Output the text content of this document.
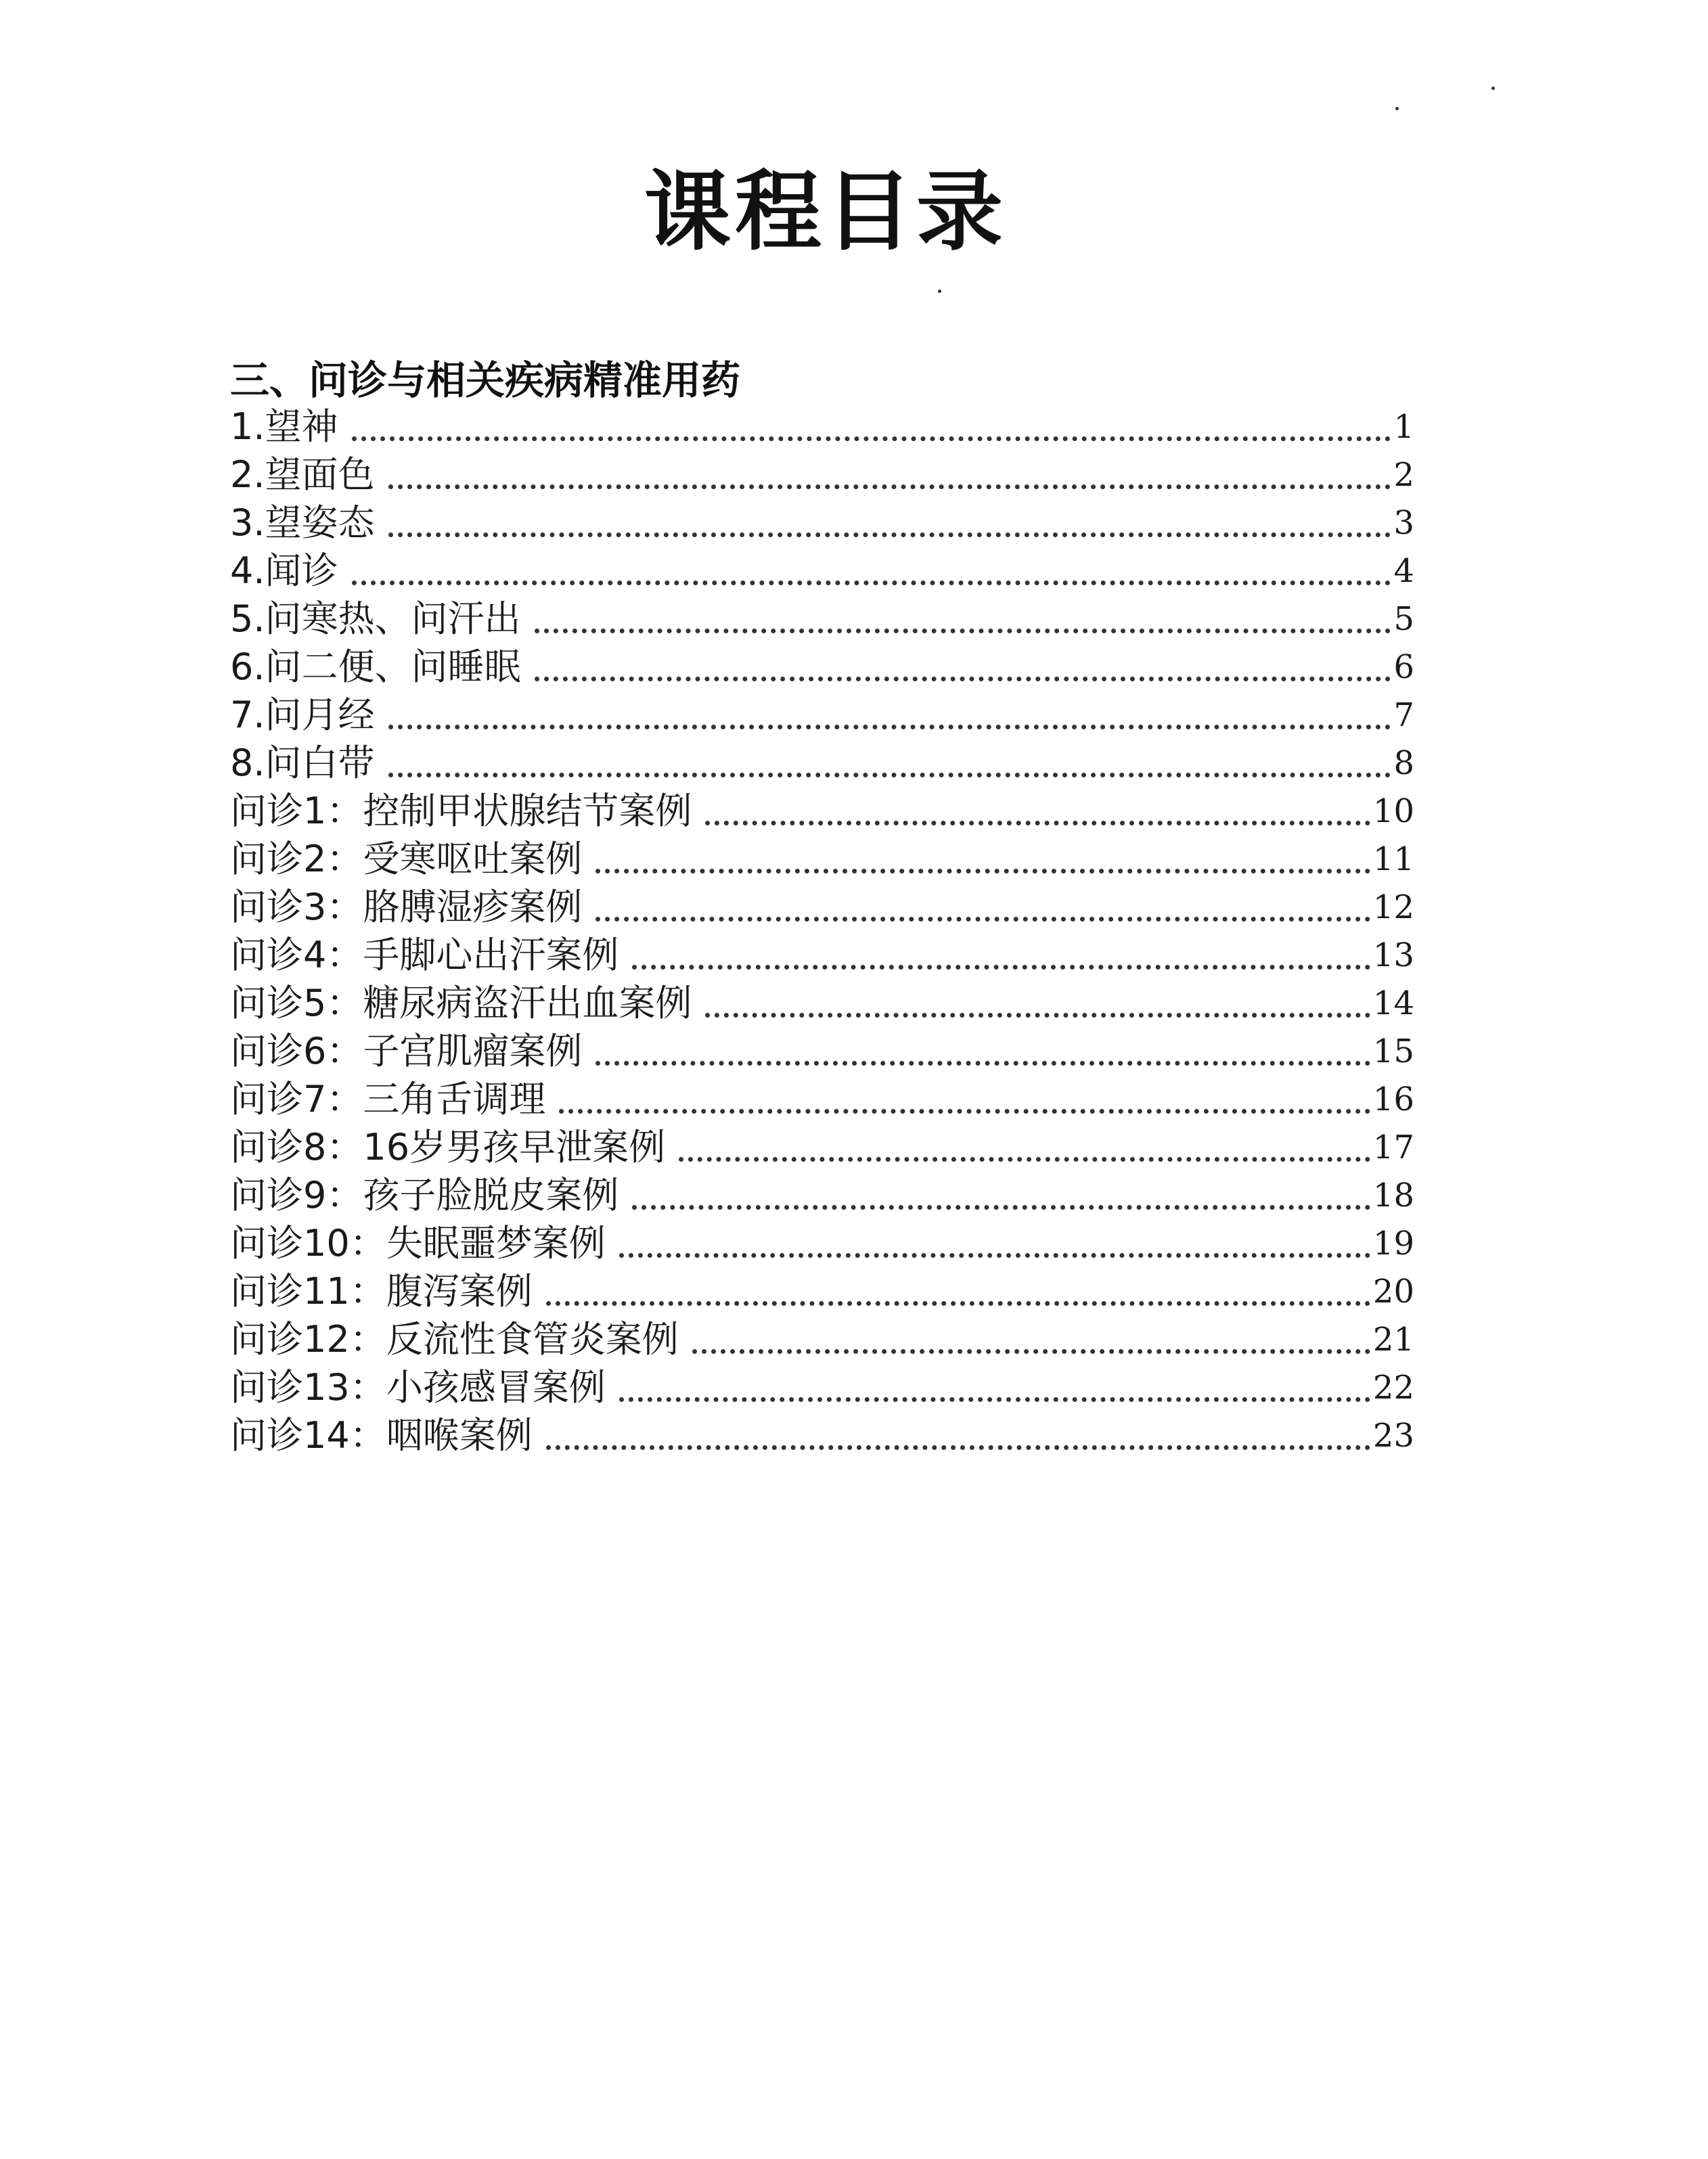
课程目录
三、问诊与相关疾病精准用药
1.望神	1
2.望面色	2
3.望姿态	3
4.闻诊	4
5.问寒热、问汗出	5
6.问二便、问睡眠	6
7.问月经	7
8.问白带	8
问诊1：控制甲状腺结节案例	10
问诊2：受寒呕吐案例	11
问诊3：胳膊湿疹案例	12
问诊4：手脚心出汗案例	13
问诊5：糖尿病盗汗出血案例	14
问诊6：子宫肌瘤案例	15
问诊7：三角舌调理	16
问诊8：16岁男孩早泄案例	17
问诊9：孩子脸脱皮案例	18
问诊10：失眠噩梦案例	19
问诊11：腹泻案例	20
问诊12：反流性食管炎案例	21
问诊13：小孩感冒案例	22
问诊14：咽喉案例	23
